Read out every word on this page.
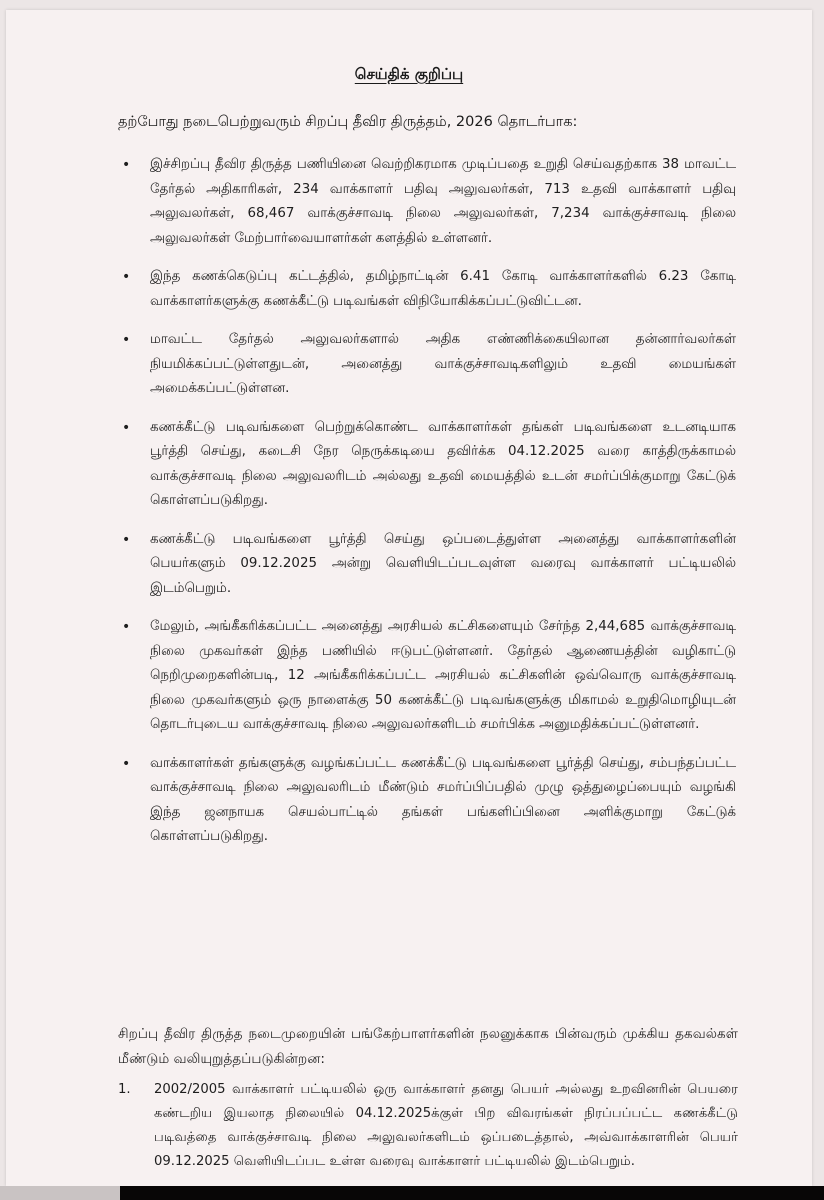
செய்திக் குறிப்பு
தற்போது நடைபெற்றுவரும் சிறப்பு தீவிர திருத்தம், 2026 தொடர்பாக:
• இச்சிறப்பு தீவிர திருத்த பணியினை வெற்றிகரமாக முடிப்பதை உறுதி செய்வதற்காக 38 மாவட்ட தேர்தல் அதிகாரிகள், 234 வாக்காளர் பதிவு அலுவலர்கள், 713 உதவி வாக்காளர் பதிவு அலுவலர்கள், 68,467 வாக்குச்சாவடி நிலை அலுவலர்கள், 7,234 வாக்குச்சாவடி நிலை அலுவலர்கள் மேற்பார்வையாளர்கள் களத்தில் உள்ளனர்.
• இந்த கணக்கெடுப்பு கட்டத்தில், தமிழ்நாட்டின் 6.41 கோடி வாக்காளர்களில் 6.23 கோடி வாக்காளர்களுக்கு கணக்கீட்டு படிவங்கள் விநியோகிக்கப்பட்டுவிட்டன.
• மாவட்ட தேர்தல் அலுவலர்களால் அதிக எண்ணிக்கையிலான தன்னார்வலர்கள் நியமிக்கப்பட்டுள்ளதுடன், அனைத்து வாக்குச்சாவடிகளிலும் உதவி மையங்கள் அமைக்கப்பட்டுள்ளன.
• கணக்கீட்டு படிவங்களை பெற்றுக்கொண்ட வாக்காளர்கள் தங்கள் படிவங்களை உடனடியாக பூர்த்தி செய்து, கடைசி நேர நெருக்கடியை தவிர்க்க 04.12.2025 வரை காத்திருக்காமல் வாக்குச்சாவடி நிலை அலுவலரிடம் அல்லது உதவி மையத்தில் உடன் சமர்ப்பிக்குமாறு கேட்டுக் கொள்ளப்படுகிறது.
• கணக்கீட்டு படிவங்களை பூர்த்தி செய்து ஒப்படைத்துள்ள அனைத்து வாக்காளர்களின் பெயர்களும் 09.12.2025 அன்று வெளியிடப்படவுள்ள வரைவு வாக்காளர் பட்டியலில் இடம்பெறும்.
• மேலும், அங்கீகரிக்கப்பட்ட அனைத்து அரசியல் கட்சிகளையும் சேர்ந்த 2,44,685 வாக்குச்சாவடி நிலை முகவர்கள் இந்த பணியில் ஈடுபட்டுள்ளனர். தேர்தல் ஆணையத்தின் வழிகாட்டு நெறிமுறைகளின்படி, 12 அங்கீகரிக்கப்பட்ட அரசியல் கட்சிகளின் ஒவ்வொரு வாக்குச்சாவடி நிலை முகவர்களும் ஒரு நாளைக்கு 50 கணக்கீட்டு படிவங்களுக்கு மிகாமல் உறுதிமொழியுடன் தொடர்புடைய வாக்குச்சாவடி நிலை அலுவலர்களிடம் சமர்பிக்க அனுமதிக்கப்பட்டுள்ளனர்.
• வாக்காளர்கள் தங்களுக்கு வழங்கப்பட்ட கணக்கீட்டு படிவங்களை பூர்த்தி செய்து, சம்பந்தப்பட்ட வாக்குச்சாவடி நிலை அலுவலரிடம் மீண்டும் சமர்ப்பிப்பதில் முழு ஒத்துழைப்பையும் வழங்கி இந்த ஜனநாயக செயல்பாட்டில் தங்கள் பங்களிப்பினை அளிக்குமாறு கேட்டுக் கொள்ளப்படுகிறது.
சிறப்பு தீவிர திருத்த நடைமுறையின் பங்கேற்பாளர்களின் நலனுக்காக பின்வரும் முக்கிய தகவல்கள் மீண்டும் வலியுறுத்தப்படுகின்றன:
1. 2002/2005 வாக்காளர் பட்டியலில் ஒரு வாக்காளர் தனது பெயர் அல்லது உறவினரின் பெயரை கண்டறிய இயலாத நிலையில் 04.12.2025க்குள் பிற விவரங்கள் நிரப்பப்பட்ட கணக்கீட்டு படிவத்தை வாக்குச்சாவடி நிலை அலுவலர்களிடம் ஒப்படைத்தால், அவ்வாக்காளரின் பெயர் 09.12.2025 வெளியிடப்பட உள்ள வரைவு வாக்காளர் பட்டியலில் இடம்பெறும்.
